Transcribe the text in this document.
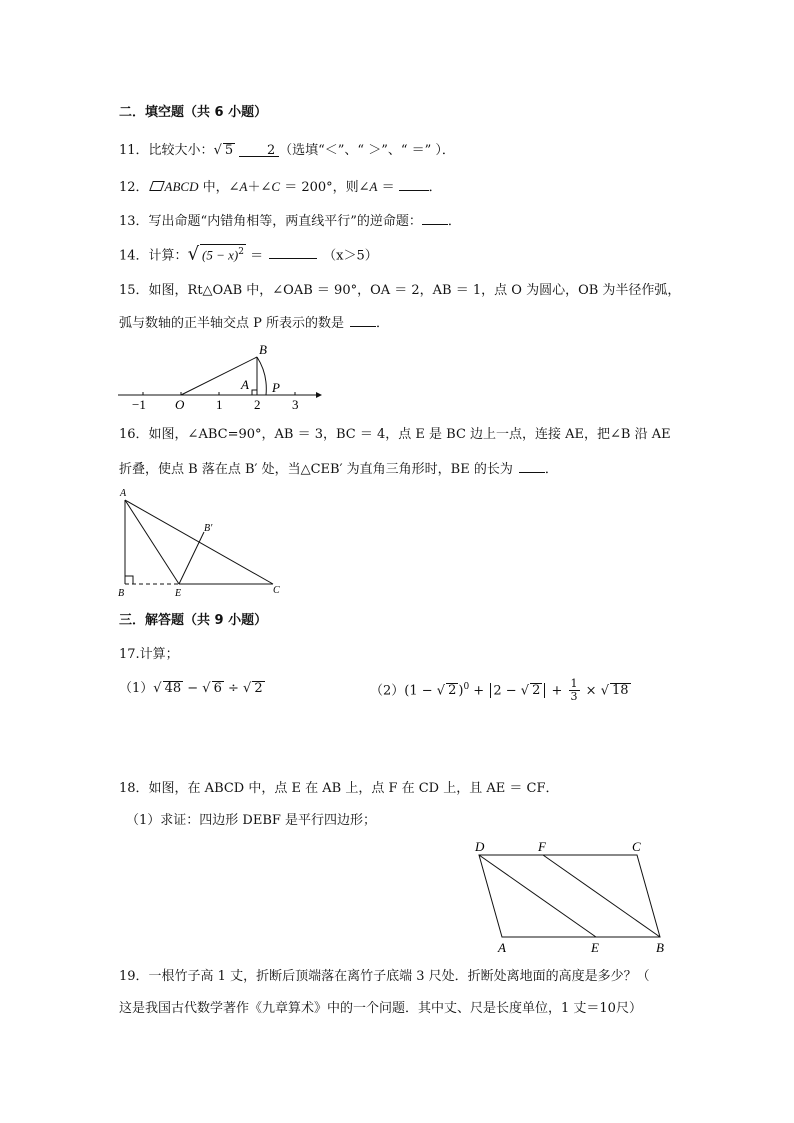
二．填空题（共 6 小题）
11．比较大小：√ 5	2 （选填“＜”、“ ＞”、“ ＝” ）．
12． ABCD 中，∠A＋∠C ＝ 200°，则∠A ＝	．
13．写出命题“内错角相等，两直线平行”的逆命题： ．
14．计算：√ $(5 - x)^2$ ＝	（x＞5）
15．如图，Rt△OAB 中，∠OAB ＝ 90°，OA ＝ 2，AB ＝ 1，点 O 为圆心，OB 为半径作弧，
弧与数轴的正半轴交点 P 所表示的数是 ．
B
A P
−1 O 1 2 3
16．如图，∠ABC=90°，AB ＝ 3，BC ＝ 4，点 E 是 BC 边上一点，连接 AE，把∠B 沿 AE
折叠，使点 B 落在点 B′ 处，当△CEB′ 为直角三角形时，BE 的长为 ．
A
B′
B	E	C
三．解答题（共 9 小题）
17.计算；
（1）√ 48 − √ 6 ÷ √ 2	（2）(1 − √ 2 )$^0$ + 2 − √ $2 + \frac{1}{3}$ × √ 18
18．如图，在 ABCD 中，点 E 在 AB 上，点 F 在 CD 上，且 AE ＝ CF．
（1）求证：四边形 DEBF 是平行四边形；
D	F	C
A	E	B
19．一根竹子高 1 丈，折断后顶端落在离竹子底端 3 尺处．折断处离地面的高度是多少？（
这是我国古代数学著作《九章算术》中的一个问题．其中丈、尺是长度单位，1 丈＝10尺）
